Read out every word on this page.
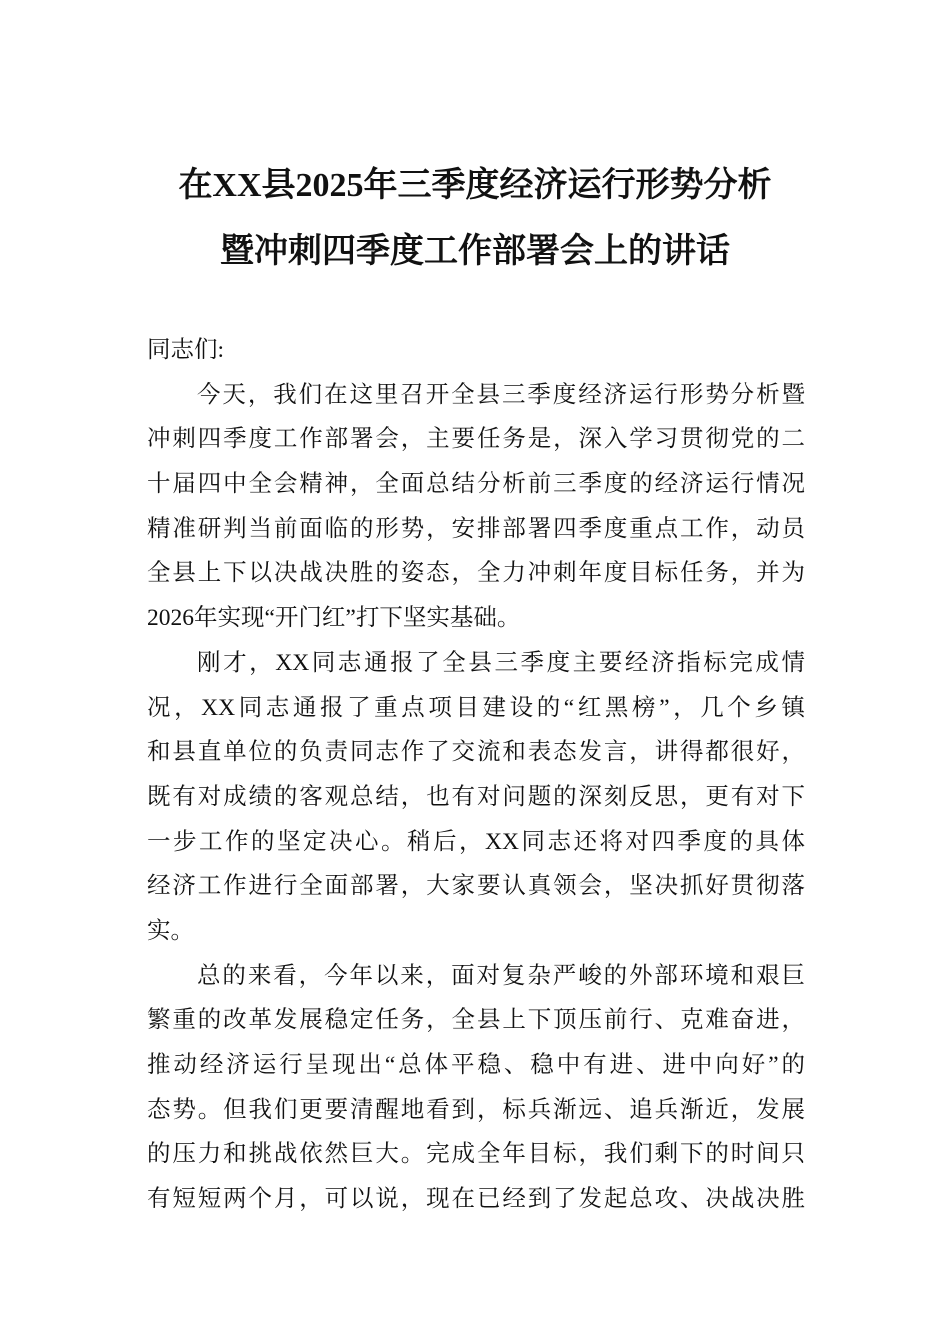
在XX县2025年三季度经济运行形势分析
暨冲刺四季度工作部署会上的讲话
同志们:
今天，我们在这里召开全县三季度经济运行形势分析暨
冲刺四季度工作部署会，主要任务是，深入学习贯彻党的二
十届四中全会精神，全面总结分析前三季度的经济运行情况
精准研判当前面临的形势，安排部署四季度重点工作，动员
全县上下以决战决胜的姿态，全力冲刺年度目标任务，并为
2026年实现“开门红”打下坚实基础。
刚才，XX同志通报了全县三季度主要经济指标完成情
况，XX同志通报了重点项目建设的“红黑榜”，几个乡镇
和县直单位的负责同志作了交流和表态发言，讲得都很好，
既有对成绩的客观总结，也有对问题的深刻反思，更有对下
一步工作的坚定决心。稍后，XX同志还将对四季度的具体
经济工作进行全面部署，大家要认真领会，坚决抓好贯彻落
实。
总的来看，今年以来，面对复杂严峻的外部环境和艰巨
繁重的改革发展稳定任务，全县上下顶压前行、克难奋进，
推动经济运行呈现出“总体平稳、稳中有进、进中向好”的
态势。但我们更要清醒地看到，标兵渐远、追兵渐近，发展
的压力和挑战依然巨大。完成全年目标，我们剩下的时间只
有短短两个月，可以说，现在已经到了发起总攻、决战决胜
